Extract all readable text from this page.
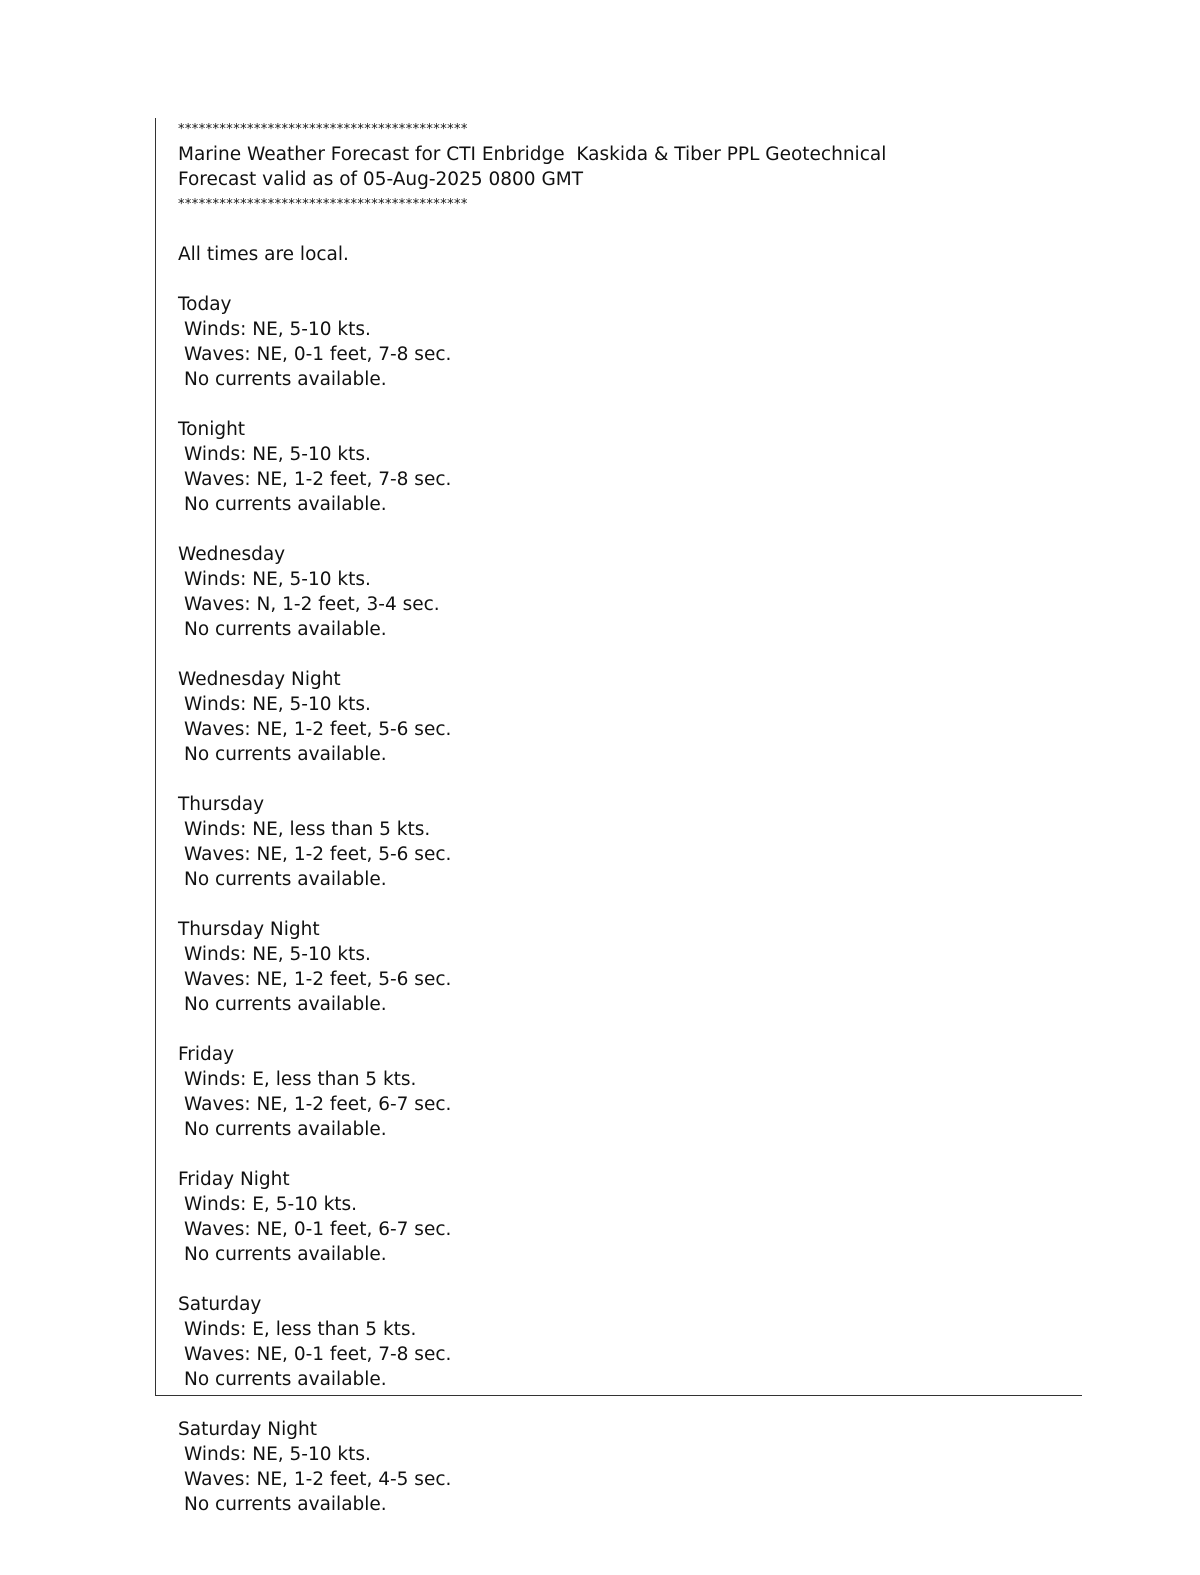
******************************************
Marine Weather Forecast for CTI Enbridge  Kaskida & Tiber PPL Geotechnical
Forecast valid as of 05-Aug-2025 0800 GMT
******************************************
All times are local.
Today
Winds: NE, 5-10 kts.
Waves: NE, 0-1 feet, 7-8 sec.
No currents available.
Tonight
Winds: NE, 5-10 kts.
Waves: NE, 1-2 feet, 7-8 sec.
No currents available.
Wednesday
Winds: NE, 5-10 kts.
Waves: N, 1-2 feet, 3-4 sec.
No currents available.
Wednesday Night
Winds: NE, 5-10 kts.
Waves: NE, 1-2 feet, 5-6 sec.
No currents available.
Thursday
Winds: NE, less than 5 kts.
Waves: NE, 1-2 feet, 5-6 sec.
No currents available.
Thursday Night
Winds: NE, 5-10 kts.
Waves: NE, 1-2 feet, 5-6 sec.
No currents available.
Friday
Winds: E, less than 5 kts.
Waves: NE, 1-2 feet, 6-7 sec.
No currents available.
Friday Night
Winds: E, 5-10 kts.
Waves: NE, 0-1 feet, 6-7 sec.
No currents available.
Saturday
Winds: E, less than 5 kts.
Waves: NE, 0-1 feet, 7-8 sec.
No currents available.
Saturday Night
Winds: NE, 5-10 kts.
Waves: NE, 1-2 feet, 4-5 sec.
No currents available.
